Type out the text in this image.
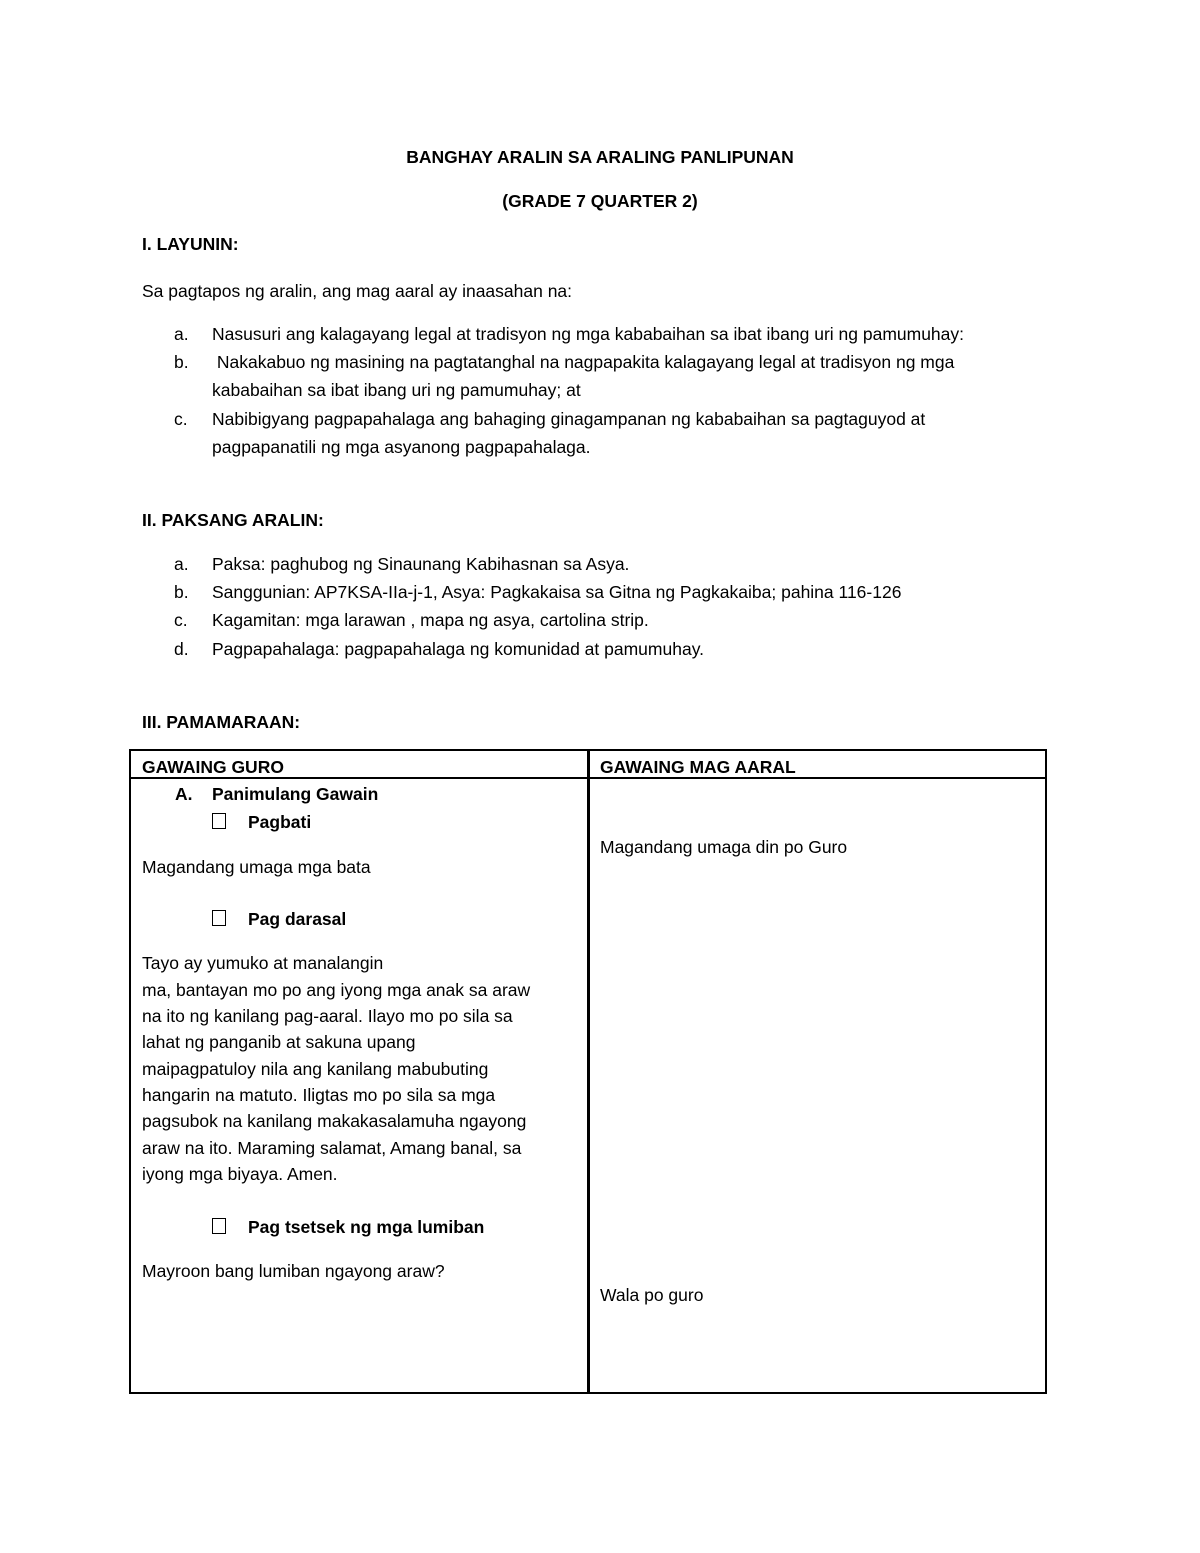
BANGHAY ARALIN SA ARALING PANLIPUNAN
(GRADE 7 QUARTER 2)
I. LAYUNIN:
Sa pagtapos ng aralin, ang mag aaral ay inaasahan na:
a. Nasusuri ang kalagayang legal at tradisyon ng mga kababaihan sa ibat ibang uri ng pamumuhay:
b. Nakakabuo ng masining na pagtatanghal na nagpapakita kalagayang legal at tradisyon ng mga
kababaihan sa ibat ibang uri ng pamumuhay; at
c. Nabibigyang pagpapahalaga ang bahaging ginagampanan ng kababaihan sa pagtaguyod at
pagpapanatili ng mga asyanong pagpapahalaga.
II. PAKSANG ARALIN:
a. Paksa: paghubog ng Sinaunang Kabihasnan sa Asya.
b. Sanggunian: AP7KSA-IIa-j-1, Asya: Pagkakaisa sa Gitna ng Pagkakaiba; pahina 116-126
c. Kagamitan: mga larawan , mapa ng asya, cartolina strip.
d. Pagpapahalaga: pagpapahalaga ng komunidad at pamumuhay.
III. PAMAMARAAN:
GAWAING GURO	GAWAING MAG AARAL
A. Panimulang Gawain
Pagbati
Magandang umaga mga bata
Pag darasal
Tayo ay yumuko at manalangin
ma, bantayan mo po ang iyong mga anak sa araw
na ito ng kanilang pag-aaral. Ilayo mo po sila sa
lahat ng panganib at sakuna upang
maipagpatuloy nila ang kanilang mabubuting
hangarin na matuto. Iligtas mo po sila sa mga
pagsubok na kanilang makakasalamuha ngayong
araw na ito. Maraming salamat, Amang banal, sa
iyong mga biyaya. Amen.
Pag tsetsek ng mga lumiban
Mayroon bang lumiban ngayong araw?
Magandang umaga din po Guro
Wala po guro
